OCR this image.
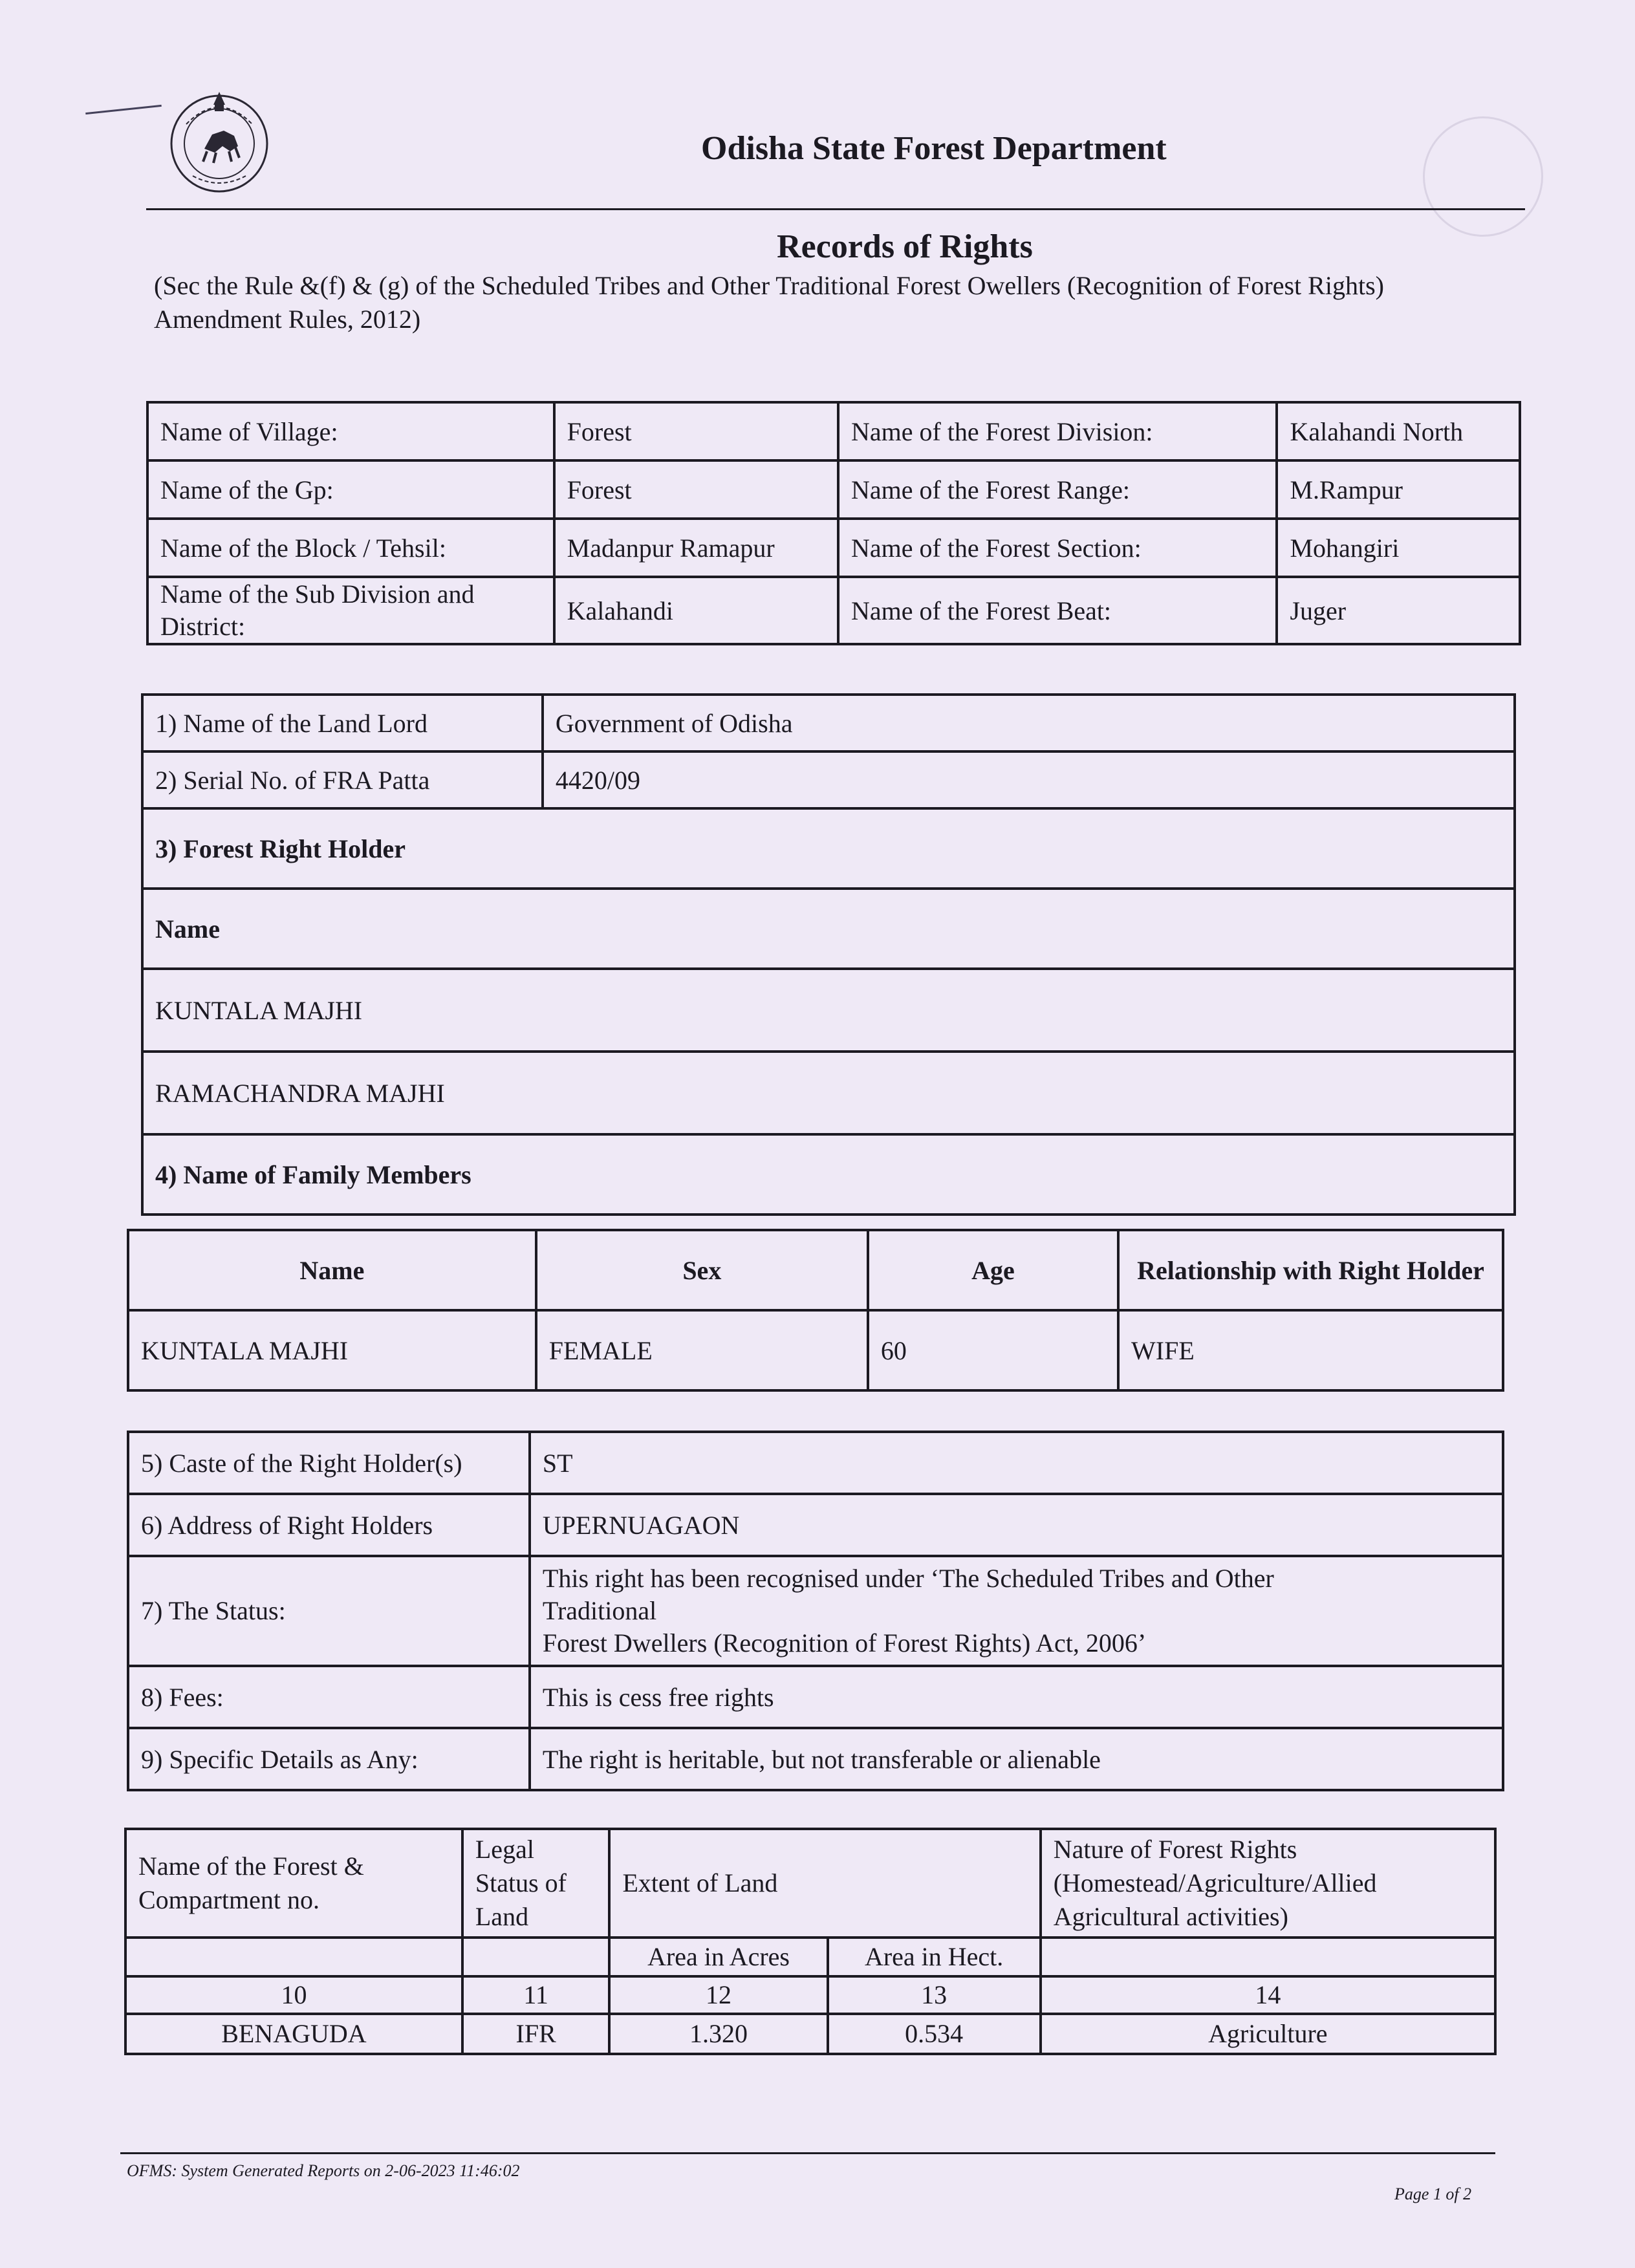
Odisha State Forest Department
Records of Rights
(Sec the Rule &(f) & (g) of the Scheduled Tribes and Other Traditional Forest Owellers (Recognition of Forest Rights) Amendment Rules, 2012)
Name of Village:	Forest	Name of the Forest Division:	Kalahandi North
Name of the Gp:	Forest	Name of the Forest Range:	M.Rampur
Name of the Block / Tehsil:	Madanpur Ramapur	Name of the Forest Section:	Mohangiri
Name of the Sub Division and District:	Kalahandi	Name of the Forest Beat:	Juger
1) Name of the Land Lord	Government of Odisha
2) Serial No. of FRA Patta	4420/09
3) Forest Right Holder	
Name	
KUNTALA MAJHI	
RAMACHANDRA MAJHI	
4) Name of Family Members	
Name	Sex	Age	Relationship with Right Holder
KUNTALA MAJHI	FEMALE	60	WIFE
5) Caste of the Right Holder(s)	ST
6) Address of Right Holders	UPERNUAGAON
7) The Status:	This right has been recognised under ‘The Scheduled Tribes and Other
Traditional
Forest Dwellers (Recognition of Forest Rights) Act, 2006’

8) Fees:	This is cess free rights
9) Specific Details as Any:	The right is heritable, but not transferable or alienable
Name of the Forest & Compartment no.	Legal Status of Land	Extent of Land		Nature of Forest Rights (Homestead/Agriculture/Allied Agricultural activities)
		Area in Acres	Area in Hect.	
10	11	12	13	14
BENAGUDA	IFR	1.320	0.534	Agriculture
OFMS: System Generated Reports on 2-06-2023 11:46:02
Page 1 of 2
